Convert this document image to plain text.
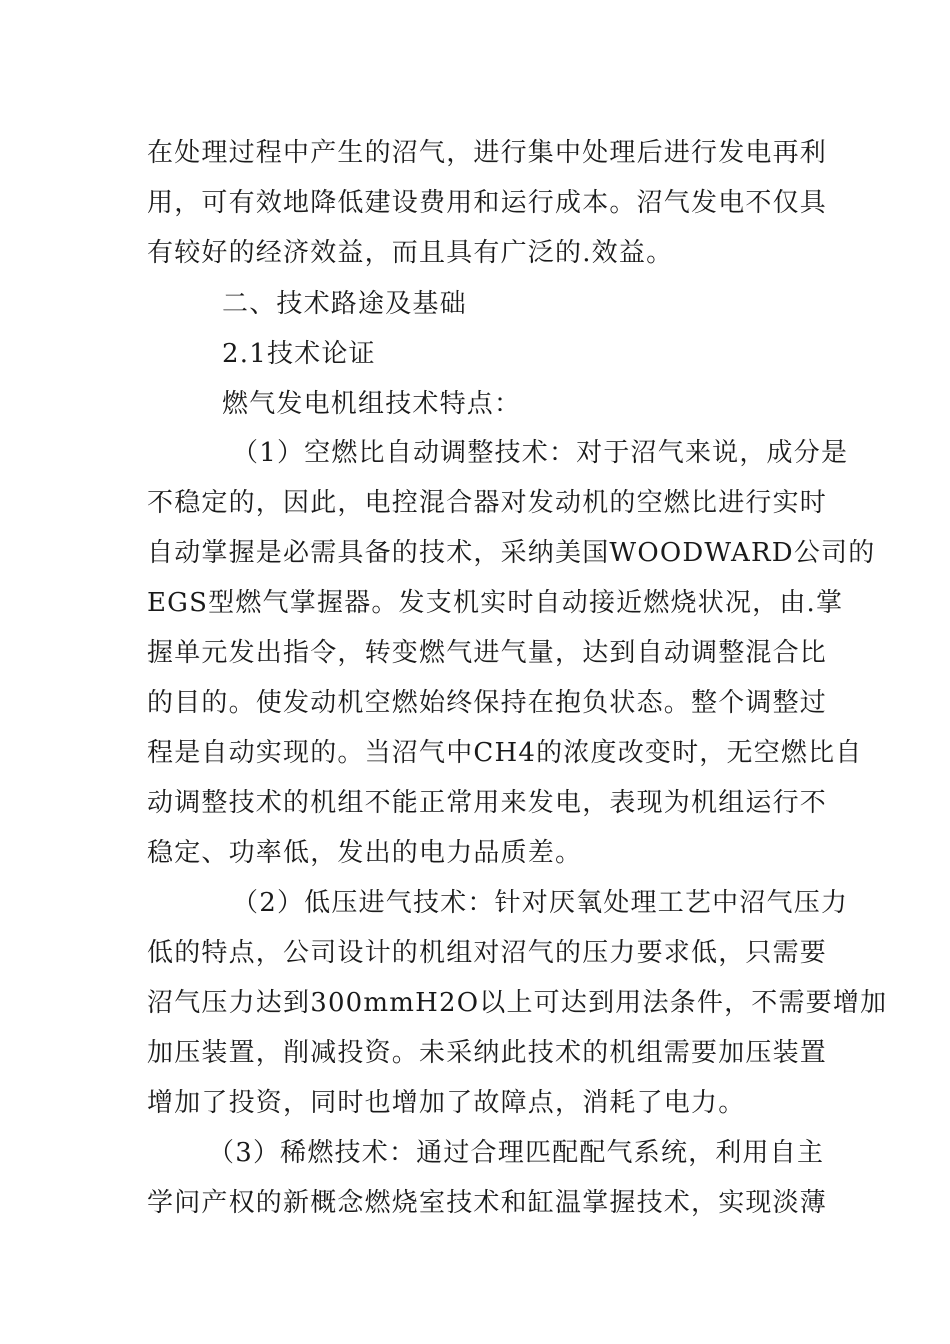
在处理过程中产生的沼气，进行集中处理后进行发电再利
用，可有效地降低建设费用和运行成本。沼气发电不仅具
有较好的经济效益，而且具有广泛的.效益。
二、技术路途及基础
2.1技术论证
燃气发电机组技术特点：
（1）空燃比自动调整技术：对于沼气来说，成分是
不稳定的，因此，电控混合器对发动机的空燃比进行实时
自动掌握是必需具备的技术，采纳美国WOODWARD公司的
EGS型燃气掌握器。发支机实时自动接近燃烧状况，由.掌
握单元发出指令，转变燃气进气量，达到自动调整混合比
的目的。使发动机空燃始终保持在抱负状态。整个调整过
程是自动实现的。当沼气中CH4的浓度改变时，无空燃比自
动调整技术的机组不能正常用来发电，表现为机组运行不
稳定、功率低，发出的电力品质差。
（2）低压进气技术：针对厌氧处理工艺中沼气压力
低的特点，公司设计的机组对沼气的压力要求低，只需要
沼气压力达到300mmH2O以上可达到用法条件，不需要增加
加压装置，削减投资。未采纳此技术的机组需要加压装置
增加了投资，同时也增加了故障点，消耗了电力。
（3）稀燃技术：通过合理匹配配气系统，利用自主
学问产权的新概念燃烧室技术和缸温掌握技术，实现淡薄
